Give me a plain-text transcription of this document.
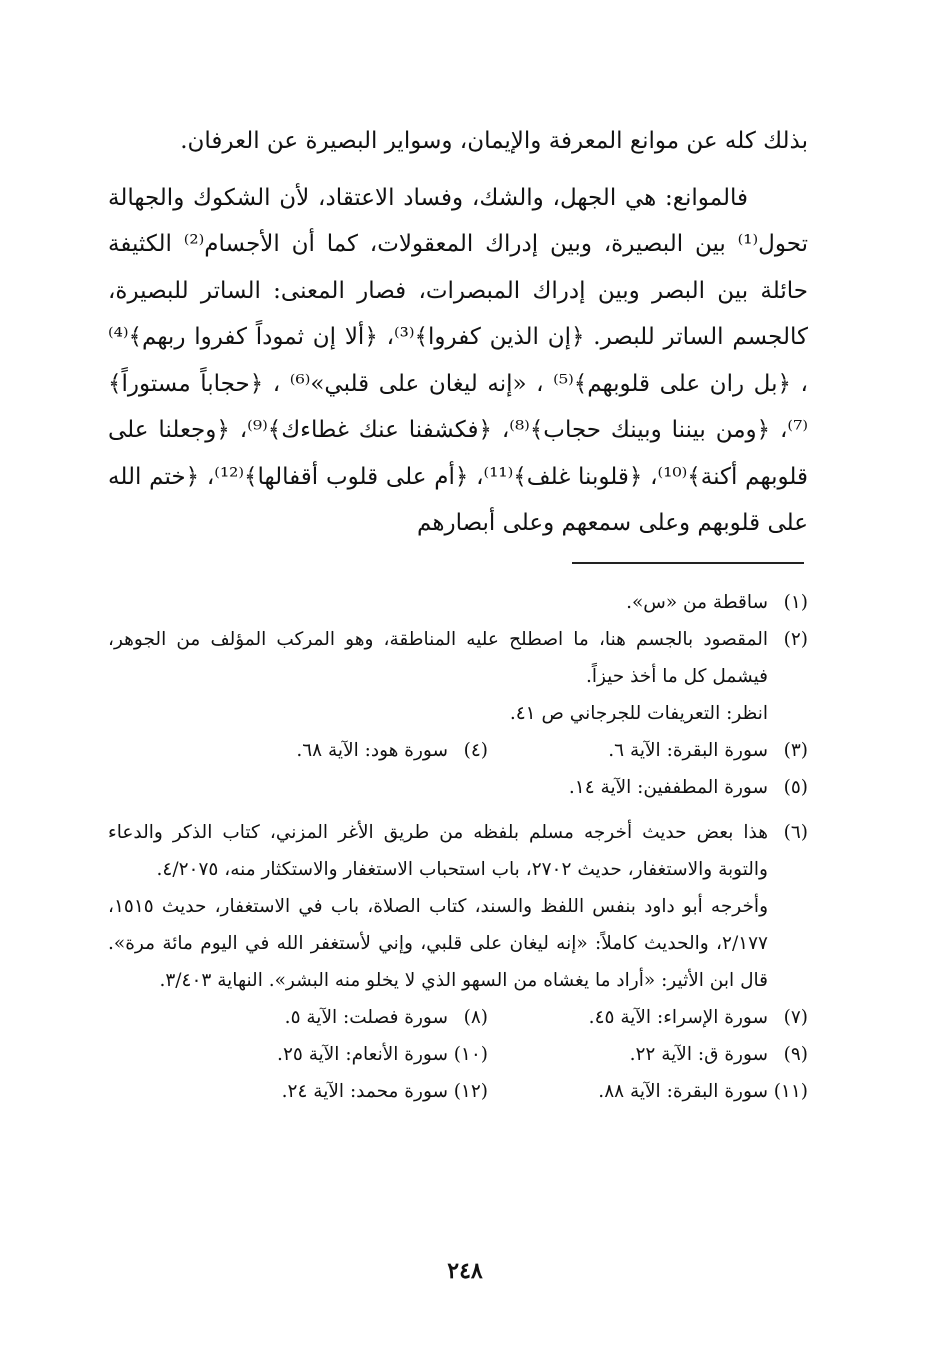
بذلك كله عن موانع المعرفة والإيمان، وسواير البصيرة عن العرفان.

فالموانع: هي الجهل، والشك، وفساد الاعتقاد، لأن الشكوك والجهالة تحول⁽¹⁾ بين البصيرة، وبين إدراك المعقولات، كما أن الأجسام⁽²⁾ الكثيفة حائلة بين البصر وبين إدراك المبصرات، فصار المعنى: الساتر للبصيرة، كالجسم الساتر للبصر. ﴿إن الذين كفروا﴾⁽³⁾، ﴿ألا إن ثموداً كفروا ربهم﴾⁽⁴⁾ ، ﴿بل ران على قلوبهم﴾⁽⁵⁾ ، «إنه ليغان على قلبي»⁽⁶⁾ ، ﴿حجاباً مستوراً﴾⁽⁷⁾، ﴿ومن بيننا وبينك حجاب﴾⁽⁸⁾، ﴿فكشفنا عنك غطاءك﴾⁽⁹⁾، ﴿وجعلنا على قلوبهم أكنة﴾⁽¹⁰⁾، ﴿قلوبنا غلف﴾⁽¹¹⁾، ﴿أم على قلوب أقفالها﴾⁽¹²⁾، ﴿ختم الله على قلوبهم وعلى سمعهم وعلى أبصارهم

(١)
ساقطة من «س».
(٢)

المقصود بالجسم هنا، ما اصطلح عليه المناطقة، وهو المركب المؤلف من الجوهر، فيشمل كل ما أخذ حيزاً.

انظر: التعريفات للجرجاني ص ٤١.

(٣)
سورة البقرة: الآية ٦.
(٤)
سورة هود: الآية ٦٨.
(٥)
سورة المطففين: الآية ١٤.
(٦)

هذا بعض حديث أخرجه مسلم بلفظه من طريق الأغر المزني، كتاب الذكر والدعاء والتوبة والاستغفار، حديث ٢٧٠٢، باب استحباب الاستغفار والاستكثار منه، ٤/٢٠٧٥.

وأخرجه أبو داود بنفس اللفظ والسند، كتاب الصلاة، باب في الاستغفار، حديث ١٥١٥، ٢/١٧٧، والحديث كاملاً: «إنه ليغان على قلبي، وإني لأستغفر الله في اليوم مائة مرة». قال ابن الأثير: «أراد ما يغشاه من السهو الذي لا يخلو منه البشر». النهاية ٣/٤٠٣.

(٧)
سورة الإسراء: الآية ٤٥.
(٨)
سورة فصلت: الآية ٥.
(٩)
سورة ق: الآية ٢٢.
(١٠)
سورة الأنعام: الآية ٢٥.
(١١)
سورة البقرة: الآية ٨٨.
(١٢)
سورة محمد: الآية ٢٤.
٢٤٨
